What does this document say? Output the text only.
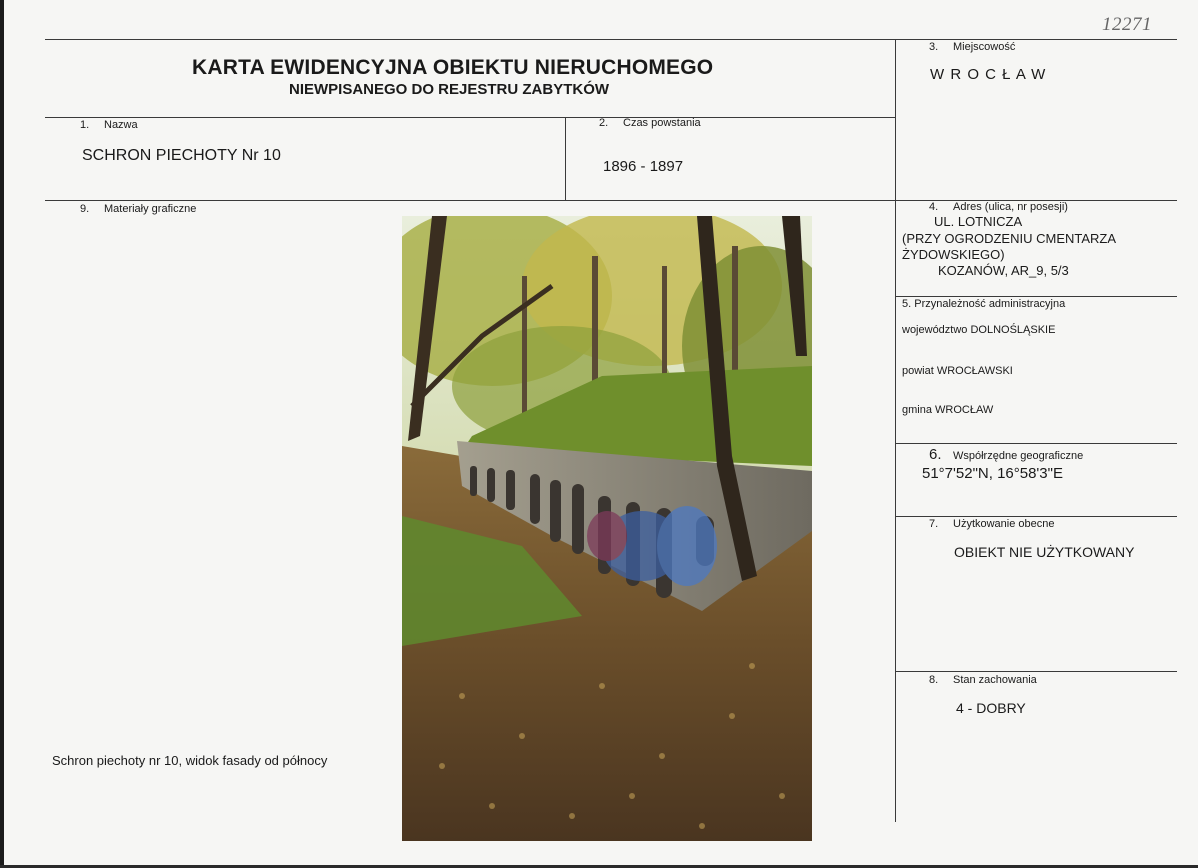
12271
KARTA EWIDENCYJNA OBIEKTU NIERUCHOMEGO
NIEWPISANEGO DO REJESTRU ZABYTKÓW
3. Miejscowość
W R O C Ł A W
1. Nazwa
SCHRON PIECHOTY Nr 10
2. Czas powstania
1896 - 1897
9. Materiały graficzne
Schron piechoty nr 10, widok fasady od północy
4. Adres (ulica, nr posesji)
UL. LOTNICZA
(PRZY OGRODZENIU CMENTARZA
ŻYDOWSKIEGO)
KOZANÓW, AR_9, 5/3
5. Przynależność administracyjna
województwo DOLNOŚLĄSKIE
powiat WROCŁAWSKI
gmina WROCŁAW
6. Współrzędne geograficzne
51°7'52"N, 16°58'3"E
7. Użytkowanie obecne
OBIEKT NIE UŻYTKOWANY
8. Stan zachowania
4 - DOBRY
